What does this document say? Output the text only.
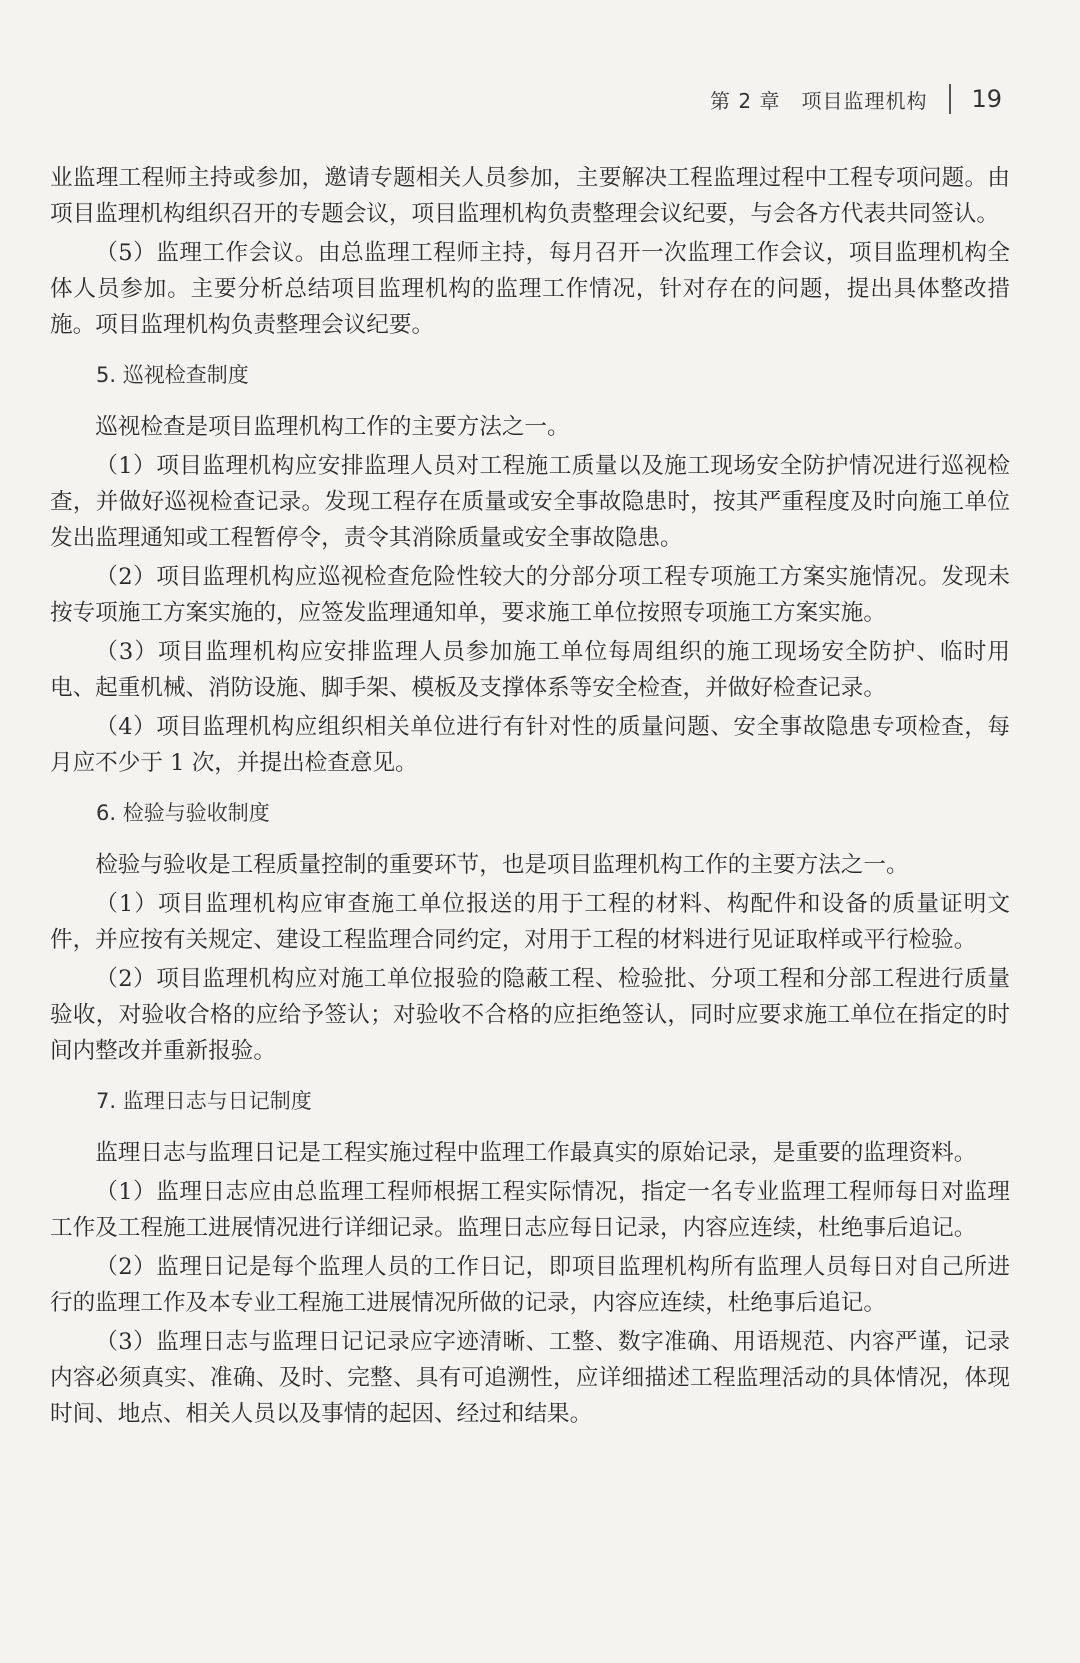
第 2 章　项目监理机构 19

业监理工程师主持或参加，邀请专题相关人员参加，主要解决工程监理过程中工程专项问题。由项目监理机构组织召开的专题会议，项目监理机构负责整理会议纪要，与会各方代表共同签认。

（5）监理工作会议。由总监理工程师主持，每月召开一次监理工作会议，项目监理机构全体人员参加。主要分析总结项目监理机构的监理工作情况，针对存在的问题，提出具体整改措施。项目监理机构负责整理会议纪要。

5. 巡视检查制度

巡视检查是项目监理机构工作的主要方法之一。

（1）项目监理机构应安排监理人员对工程施工质量以及施工现场安全防护情况进行巡视检查，并做好巡视检查记录。发现工程存在质量或安全事故隐患时，按其严重程度及时向施工单位发出监理通知或工程暂停令，责令其消除质量或安全事故隐患。

（2）项目监理机构应巡视检查危险性较大的分部分项工程专项施工方案实施情况。发现未按专项施工方案实施的，应签发监理通知单，要求施工单位按照专项施工方案实施。

（3）项目监理机构应安排监理人员参加施工单位每周组织的施工现场安全防护、临时用电、起重机械、消防设施、脚手架、模板及支撑体系等安全检查，并做好检查记录。

（4）项目监理机构应组织相关单位进行有针对性的质量问题、安全事故隐患专项检查，每月应不少于 1 次，并提出检查意见。

6. 检验与验收制度

检验与验收是工程质量控制的重要环节，也是项目监理机构工作的主要方法之一。

（1）项目监理机构应审查施工单位报送的用于工程的材料、构配件和设备的质量证明文件，并应按有关规定、建设工程监理合同约定，对用于工程的材料进行见证取样或平行检验。

（2）项目监理机构应对施工单位报验的隐蔽工程、检验批、分项工程和分部工程进行质量验收，对验收合格的应给予签认；对验收不合格的应拒绝签认，同时应要求施工单位在指定的时间内整改并重新报验。

7. 监理日志与日记制度

监理日志与监理日记是工程实施过程中监理工作最真实的原始记录，是重要的监理资料。

（1）监理日志应由总监理工程师根据工程实际情况，指定一名专业监理工程师每日对监理工作及工程施工进展情况进行详细记录。监理日志应每日记录，内容应连续，杜绝事后追记。

（2）监理日记是每个监理人员的工作日记，即项目监理机构所有监理人员每日对自己所进行的监理工作及本专业工程施工进展情况所做的记录，内容应连续，杜绝事后追记。

（3）监理日志与监理日记记录应字迹清晰、工整、数字准确、用语规范、内容严谨，记录内容必须真实、准确、及时、完整、具有可追溯性，应详细描述工程监理活动的具体情况，体现时间、地点、相关人员以及事情的起因、经过和结果。
